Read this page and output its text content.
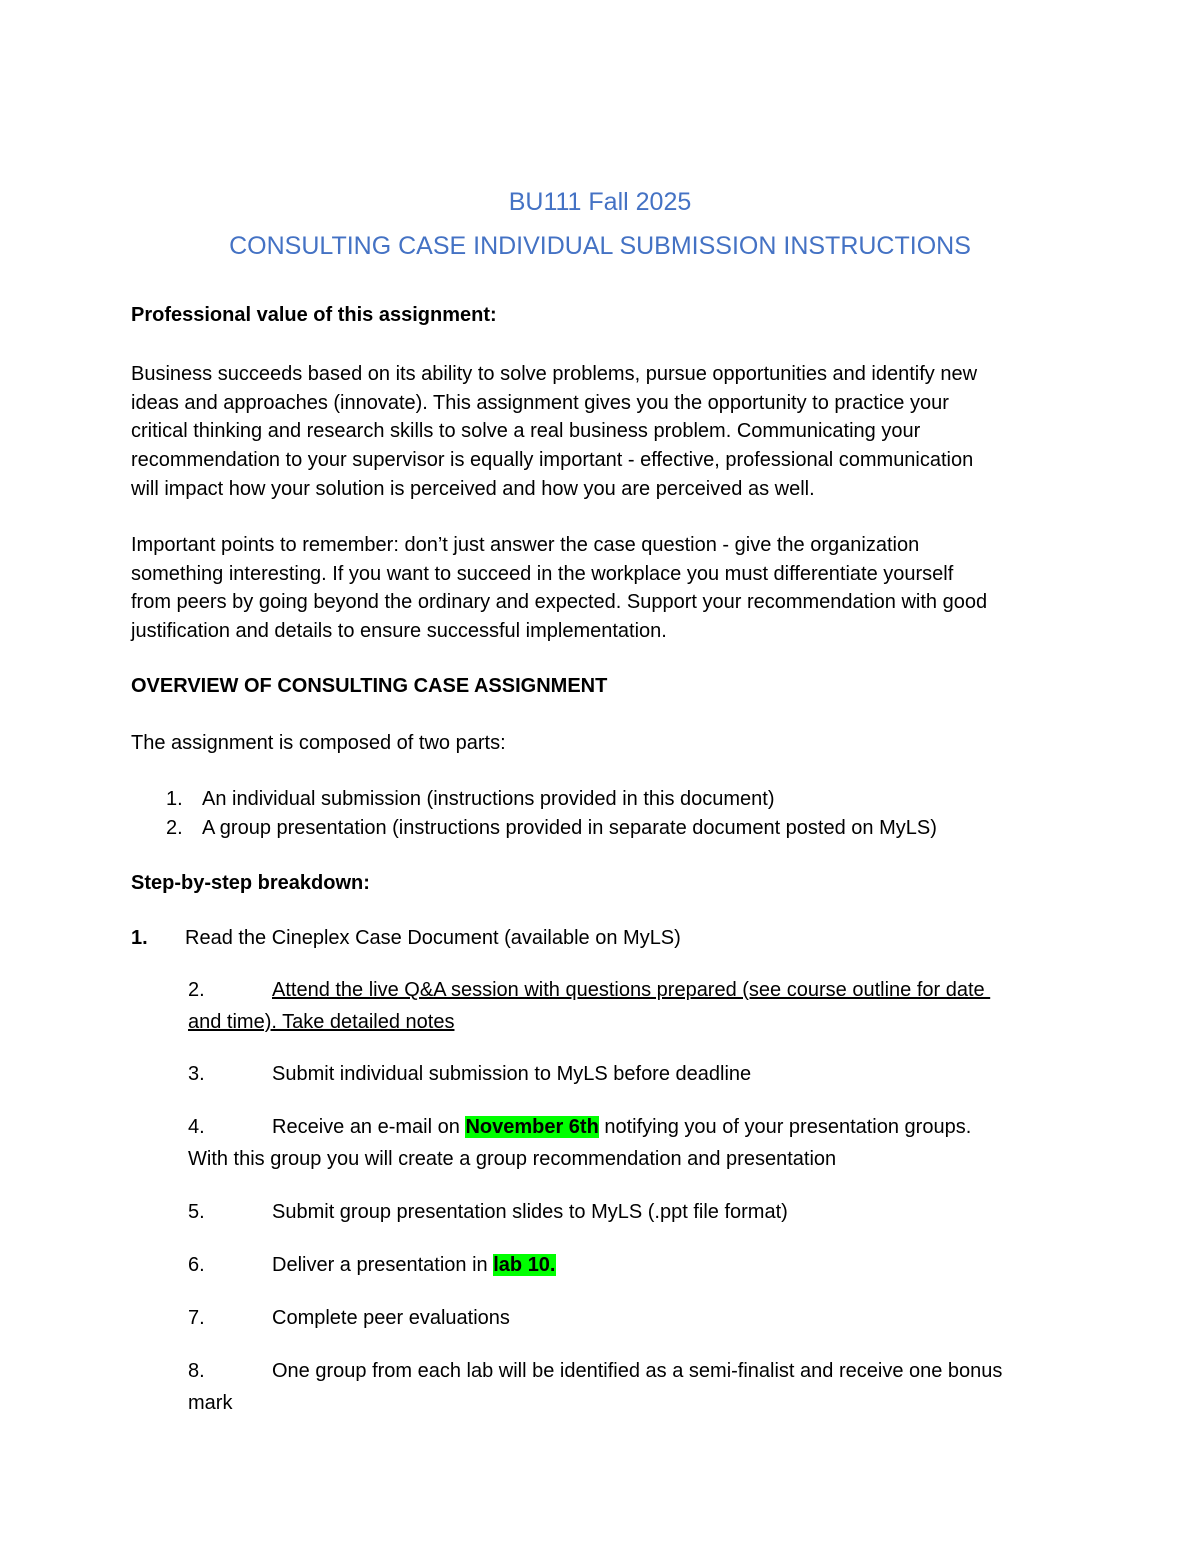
BU111 Fall 2025
CONSULTING CASE INDIVIDUAL SUBMISSION INSTRUCTIONS
Professional value of this assignment:
Business succeeds based on its ability to solve problems, pursue opportunities and identify new
ideas and approaches (innovate). This assignment gives you the opportunity to practice your
critical thinking and research skills to solve a real business problem. Communicating your
recommendation to your supervisor is equally important - effective, professional communication
will impact how your solution is perceived and how you are perceived as well.
Important points to remember: don’t just answer the case question - give the organization
something interesting. If you want to succeed in the workplace you must differentiate yourself
from peers by going beyond the ordinary and expected. Support your recommendation with good
justification and details to ensure successful implementation.
OVERVIEW OF CONSULTING CASE ASSIGNMENT
The assignment is composed of two parts:
1. An individual submission (instructions provided in this document)
2. A group presentation (instructions provided in separate document posted on MyLS)
Step-by-step breakdown:
1. Read the Cineplex Case Document (available on MyLS)
2.	Attend the live Q&A session with questions prepared (see course outline for date
and time). Take detailed notes
3.	Submit individual submission to MyLS before deadline
4.	Receive an e-mail on November 6th notifying you of your presentation groups.
With this group you will create a group recommendation and presentation
5.	Submit group presentation slides to MyLS (.ppt file format)
6.	Deliver a presentation in lab 10.
7.	Complete peer evaluations
8.	One group from each lab will be identified as a semi-finalist and receive one bonus
mark
